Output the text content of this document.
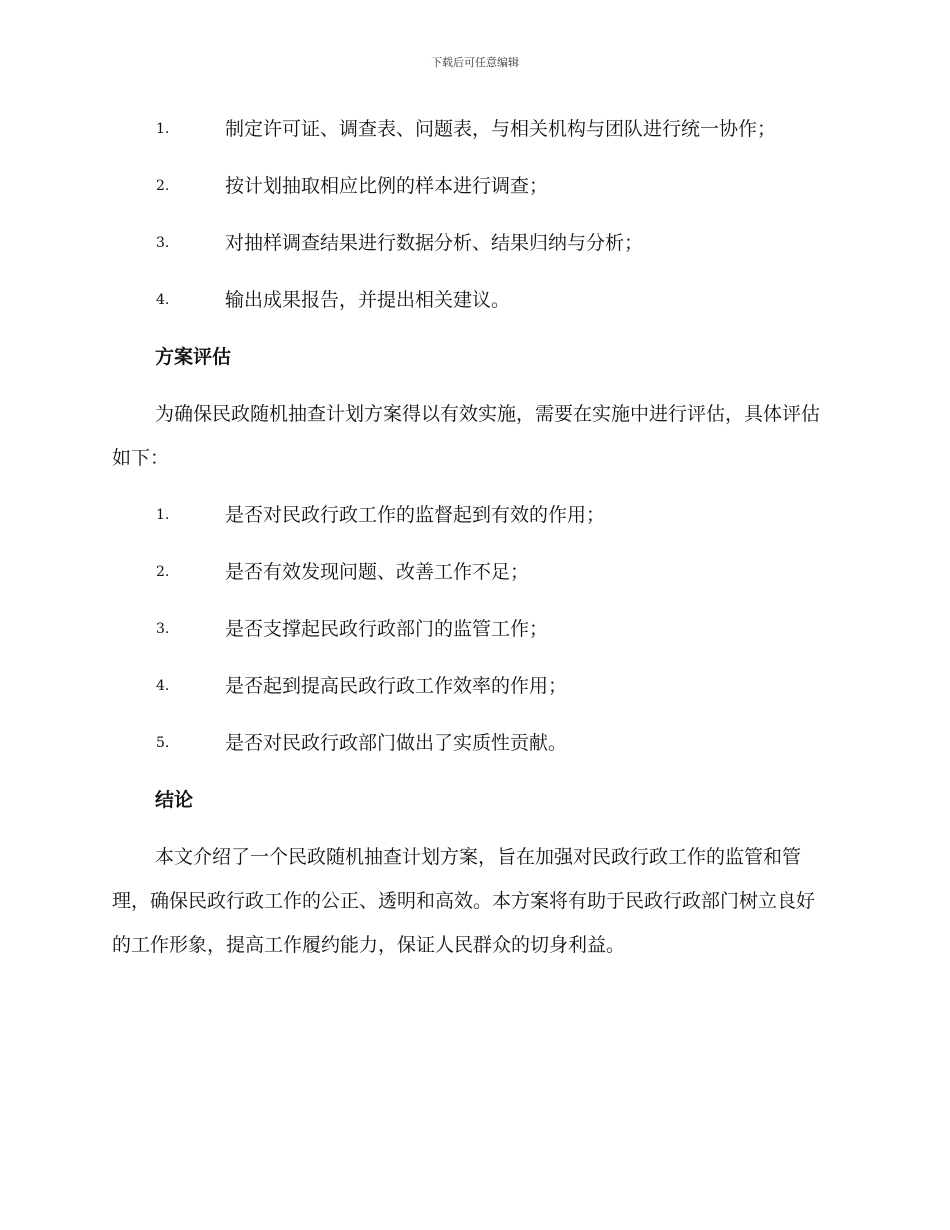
下载后可任意编辑
1.	制定许可证、调查表、问题表，与相关机构与团队进行统一协作；
2.	按计划抽取相应比例的样本进行调查；
3.	对抽样调查结果进行数据分析、结果归纳与分析；
4.	输出成果报告，并提出相关建议。
方案评估
为确保民政随机抽查计划方案得以有效实施，需要在实施中进行评估，具体评估如下：
1.	是否对民政行政工作的监督起到有效的作用；
2.	是否有效发现问题、改善工作不足；
3.	是否支撑起民政行政部门的监管工作；
4.	是否起到提高民政行政工作效率的作用；
5.	是否对民政行政部门做出了实质性贡献。
结论
本文介绍了一个民政随机抽查计划方案，旨在加强对民政行政工作的监管和管理，确保民政行政工作的公正、透明和高效。本方案将有助于民政行政部门树立良好的工作形象，提高工作履约能力，保证人民群众的切身利益。
